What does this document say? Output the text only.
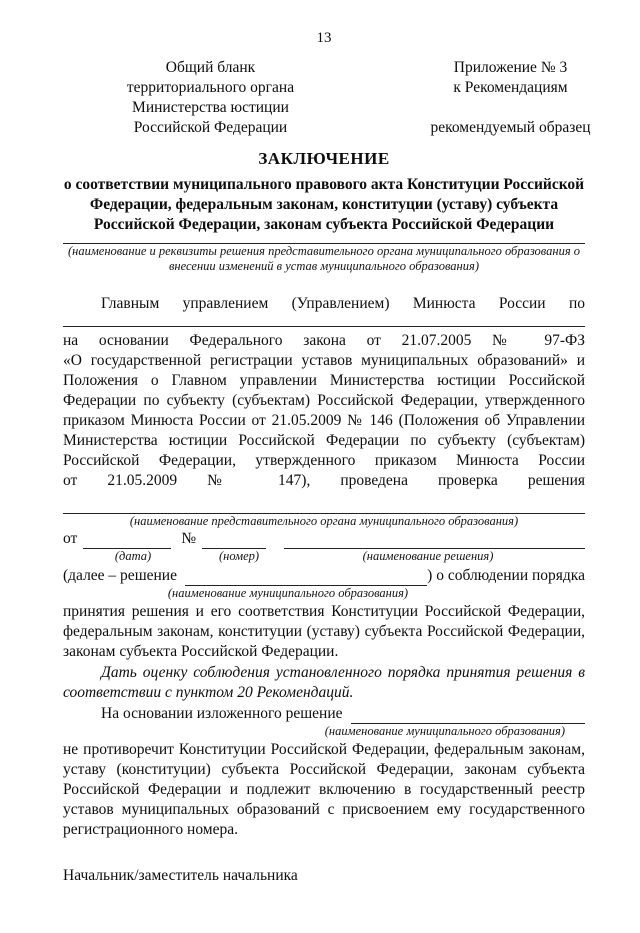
13
Общий бланк
территориального органа
Министерства юстиции
Российской Федерации
Приложение № 3
к Рекомендациям
рекомендуемый образец
ЗАКЛЮЧЕНИЕ
о соответствии муниципального правового акта Конституции Российской
Федерации, федеральным законам, конституции (уставу) субъекта
Российской Федерации, законам субъекта Российской Федерации
(наименование и реквизиты решения представительного органа муниципального образования о
внесении изменений в устав муниципального образования)
Главным управлением (Управлением) Минюста России по
на основании Федерального закона от 21.07.2005 № 97-ФЗ
«О государственной регистрации уставов муниципальных образований» и
Положения о Главном управлении Министерства юстиции Российской
Федерации по субъекту (субъектам) Российской Федерации, утвержденного
приказом Минюста России от 21.05.2009 № 146 (Положения об Управлении
Министерства юстиции Российской Федерации по субъекту (субъектам)
Российской Федерации, утвержденного приказом Минюста России
от 21.05.2009 № 147), проведена проверка решения
(наименование представительного органа муниципального образования)
от	№
(дата)	(номер)	(наименование решения)
(далее – решение	) о соблюдении порядка
(наименование муниципального образования)
принятия решения и его соответствия Конституции Российской Федерации,
федеральным законам, конституции (уставу) субъекта Российской Федерации,
законам субъекта Российской Федерации.
Дать оценку соблюдения установленного порядка принятия решения в
соответствии с пунктом 20 Рекомендаций.
На основании изложенного решение
(наименование муниципального образования)
не противоречит Конституции Российской Федерации, федеральным законам,
уставу (конституции) субъекта Российской Федерации, законам субъекта
Российской Федерации и подлежит включению в государственный реестр
уставов муниципальных образований с присвоением ему государственного
регистрационного номера.
Начальник/заместитель начальника
